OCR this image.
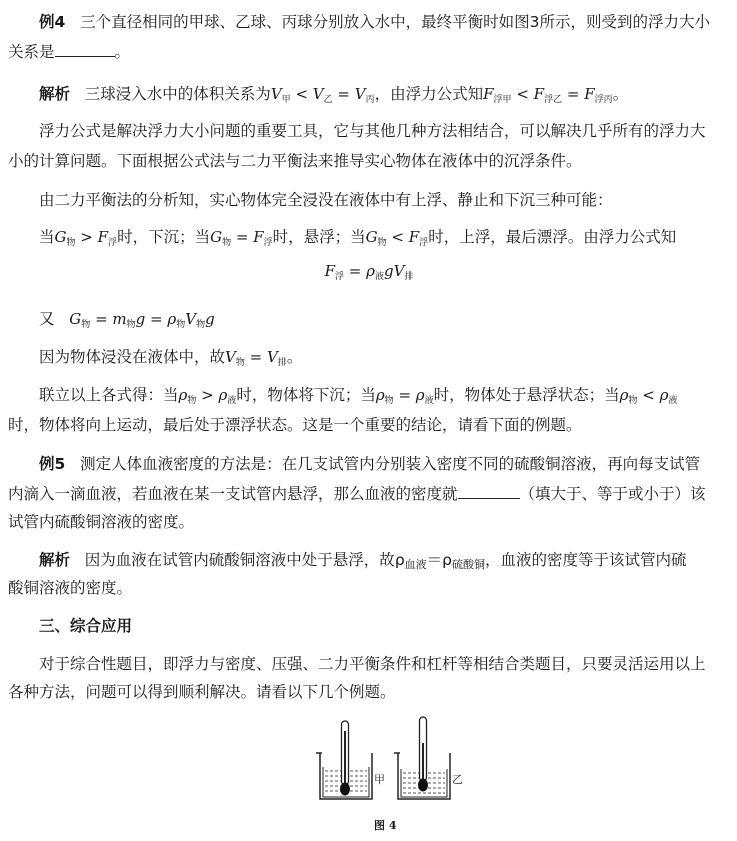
例4 三个直径相同的甲球、乙球、丙球分别放入水中，最终平衡时如图3所示，则受到的浮力大小

关系是	。

解析 三球浸入水中的体积关系为$V_甲 < V_乙 = V_丙$，由浮力公式知$F_{浮甲} < F_{浮乙} = F_{浮丙}$。

浮力公式是解决浮力大小问题的重要工具，它与其他几种方法相结合，可以解决几乎所有的浮力大

小的计算问题。下面根据公式法与二力平衡法来推导实心物体在液体中的沉浮条件。

由二力平衡法的分析知，实心物体完全浸没在液体中有上浮、静止和下沉三种可能：

当$G_物 > F_浮$时，下沉；当$G_物 = F_浮$时，悬浮；当$G_物 < F_浮$时，上浮，最后漂浮。由浮力公式知

$F_浮 = \rho_液gV_排$

又 $G_物 = m_物g = \rho_物V_物g$

因为物体浸没在液体中，故$V_物 = V_排$。

联立以上各式得：当$\rho_物 > \rho_液$时，物体将下沉；当$\rho_物 = \rho_液$时，物体处于悬浮状态；当$\rho_物 < \rho_液$

时，物体将向上运动，最后处于漂浮状态。这是一个重要的结论，请看下面的例题。

例5 测定人体血液密度的方法是：在几支试管内分别装入密度不同的硫酸铜溶液，再向每支试管

内滴入一滴血液，若血液在某一支试管内悬浮，那么血液的密度就	（填大于、等于或小于）该

试管内硫酸铜溶液的密度。

解析 因为血液在试管内硫酸铜溶液中处于悬浮，故ρ血液＝ρ硫酸铜，血液的密度等于该试管内硫

酸铜溶液的密度。

三、综合应用

对于综合性题目，即浮力与密度、压强、二力平衡条件和杠杆等相结合类题目，只要灵活运用以上

各种方法，问题可以得到顺利解决。请看以下几个例题。

甲	乙
图 4
